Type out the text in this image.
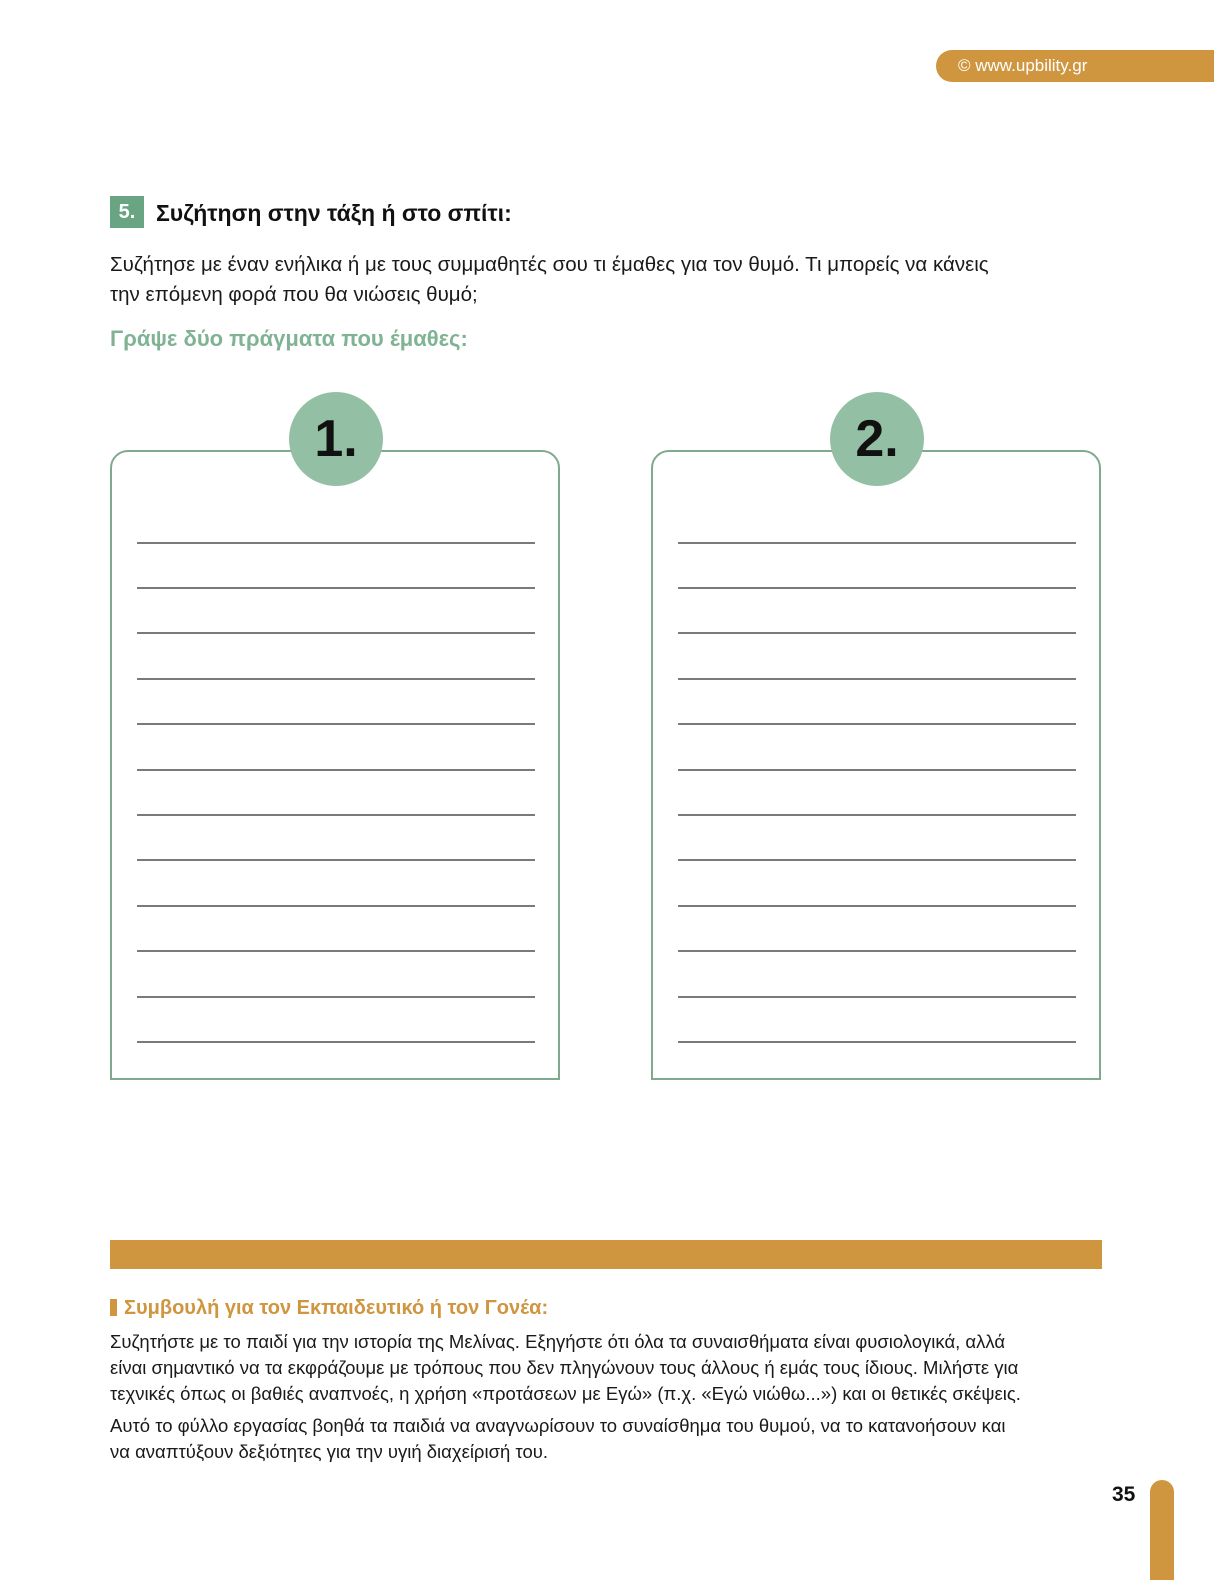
© www.upbility.gr
5. Συζήτηση στην τάξη ή στο σπίτι:
Συζήτησε με έναν ενήλικα ή με τους συμμαθητές σου τι έμαθες για τον θυμό. Τι μπορείς να κάνεις
την επόμενη φορά που θα νιώσεις θυμό;
Γράψε δύο πράγματα που έμαθες:
1.	2.
Συμβουλή για τον Εκπαιδευτικό ή τον Γονέα:
Συζητήστε με το παιδί για την ιστορία της Μελίνας. Εξηγήστε ότι όλα τα συναισθήματα είναι φυσιολογικά, αλλά
είναι σημαντικό να τα εκφράζουμε με τρόπους που δεν πληγώνουν τους άλλους ή εμάς τους ίδιους. Μιλήστε για
τεχνικές όπως οι βαθιές αναπνοές, η χρήση «προτάσεων με Εγώ» (π.χ. «Εγώ νιώθω...») και οι θετικές σκέψεις.
Αυτό το φύλλο εργασίας βοηθά τα παιδιά να αναγνωρίσουν το συναίσθημα του θυμού, να το κατανοήσουν και
να αναπτύξουν δεξιότητες για την υγιή διαχείρισή του.
35
